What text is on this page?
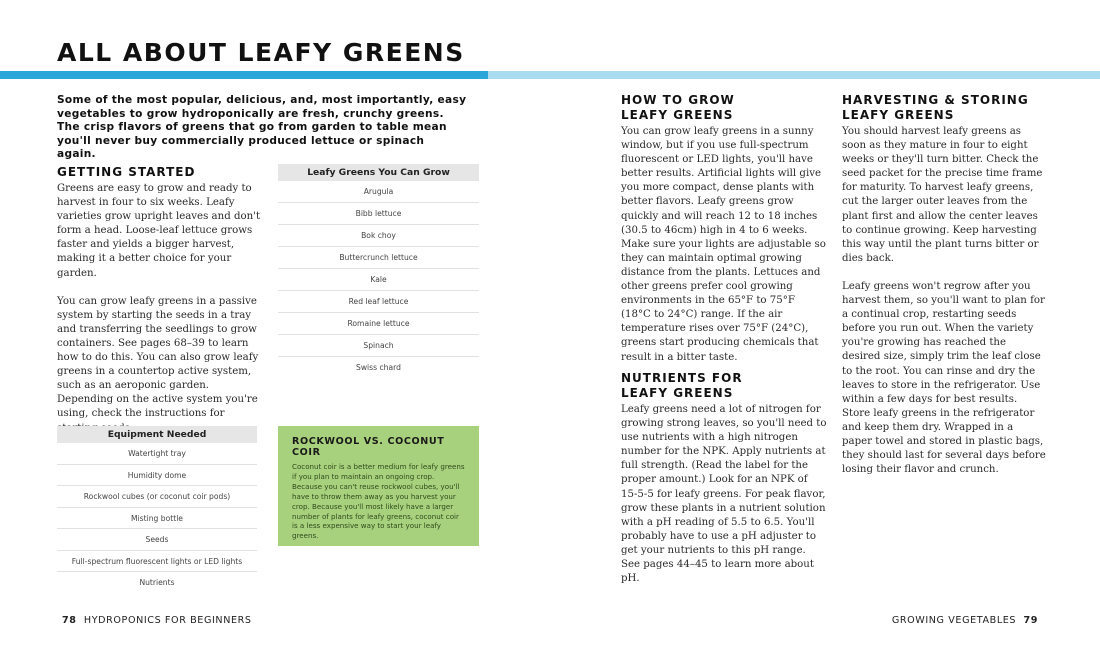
ALL ABOUT LEAFY GREENS
Some of the most popular, delicious, and, most importantly, easy vegetables to grow hydroponically are fresh, crunchy greens. The crisp flavors of greens that go from garden to table mean you'll never buy commercially produced lettuce or spinach again.
GETTING STARTED

Greens are easy to grow and ready to harvest in four to six weeks. Leafy varieties grow upright leaves and don't form a head. Loose-leaf lettuce grows faster and yields a bigger harvest, making it a better choice for your garden.

You can grow leafy greens in a passive system by starting the seeds in a tray and transferring the seedlings to grow containers. See pages 68–39 to learn how to do this. You can also grow leafy greens in a countertop active system, such as an aeroponic garden. Depending on the active system you're using, check the instructions for

Leafy Greens You Can Grow
Arugula
Bibb lettuce
Bok choy
Buttercrunch lettuce
Kale
Red leaf lettuce
Romaine lettuce
Spinach
Swiss chard
Equipment Needed
Watertight tray
Humidity dome
Rockwool cubes (or coconut coir pods)
Misting bottle
Seeds
Full-spectrum fluorescent lights or LED lights
Nutrients
ROCKWOOL VS. COCONUT COIR
Coconut coir is a better medium for leafy greens if you plan to maintain an ongoing crop. Because you can't reuse rockwool cubes, you'll have to throw them away as you harvest your crop. Because you'll most likely have a larger number of plants for leafy greens, coconut coir is a less expensive way to start your leafy greens.
HOW TO GROW
LEAFY GREENS
You can grow leafy greens in a sunny window, but if you use full-spectrum fluorescent or LED lights, you'll have better results. Artificial lights will give you more compact, dense plants with better flavors. Leafy greens grow quickly and will reach 12 to 18 inches (30.5 to 46cm) high in 4 to 6 weeks. Make sure your lights are adjustable so they can maintain optimal growing distance from the plants. Lettuces and other greens prefer cool growing environments in the 65°F to 75°F (18°C to 24°C) range. If the air temperature rises over 75°F (24°C), greens start producing chemicals that result in a bitter taste.
NUTRIENTS FOR
LEAFY GREENS
Leafy greens need a lot of nitrogen for growing strong leaves, so you'll need to use nutrients with a high nitrogen number for the NPK. Apply nutrients at full strength. (Read the label for the proper amount.) Look for an NPK of 15-5-5 for leafy greens. For peak flavor, grow these plants in a nutrient solution with a pH reading of 5.5 to 6.5. You'll probably have to use a pH adjuster to get your nutrients to this pH range. See pages 44–45 to learn more about pH.
HARVESTING & STORING
LEAFY GREENS

You should harvest leafy greens as soon as they mature in four to eight weeks or they'll turn bitter. Check the seed packet for the precise time frame for maturity. To harvest leafy greens, cut the larger outer leaves from the plant first and allow the center leaves to continue growing. Keep harvesting this way until the plant turns bitter or dies back.

Leafy greens won't regrow after you harvest them, so you'll want to plan for a continual crop, restarting seeds before you run out. When the variety you're growing has reached the desired size, simply trim the leaf close to the root. You can rinse and dry the leaves to store in the refrigerator. Use within a few days for best results. Store leafy greens in the refrigerator and keep them dry. Wrapped in a paper towel and stored in plastic bags, they should last for several days before losing their flavor and crunch.

78 HYDROPONICS FOR BEGINNERS	GROWING VEGETABLES 79
